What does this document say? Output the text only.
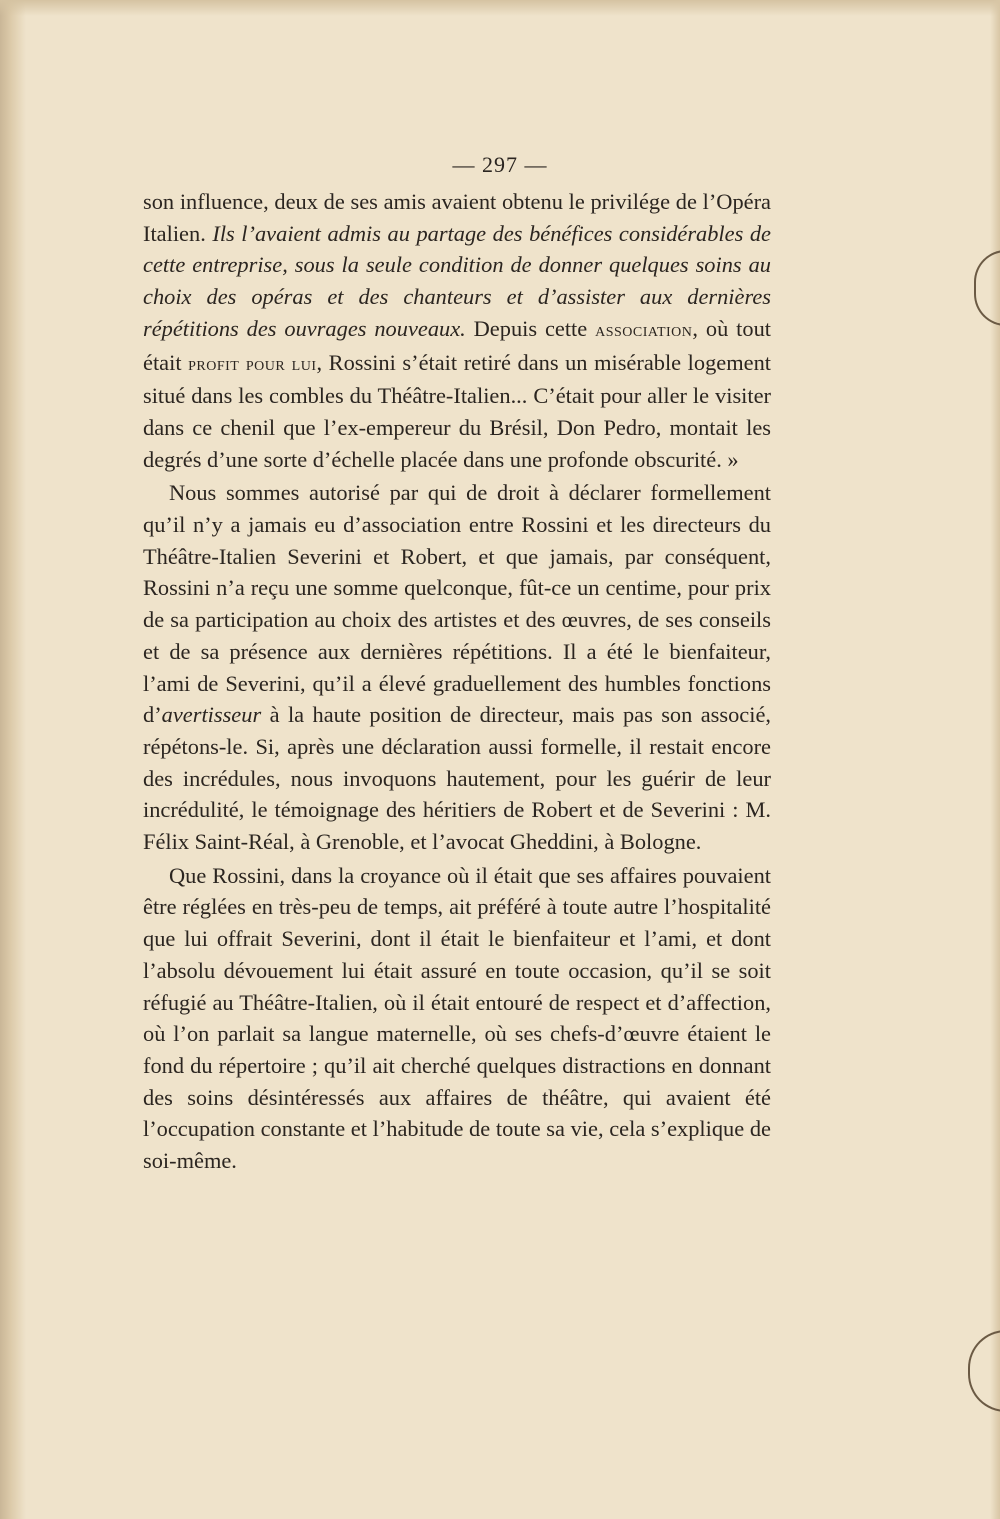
— 297 —

son influence, deux de ses amis avaient obtenu le privilége de l’Opéra Italien. Ils l’avaient admis au partage des bénéfices considérables de cette entreprise, sous la seule condition de donner quelques soins au choix des opéras et des chanteurs et d’assister aux dernières répétitions des ouvrages nouveaux. Depuis cette association, où tout était profit pour lui, Rossini s’était retiré dans un misérable logement situé dans les combles du Théâtre-Italien... C’était pour aller le visiter dans ce chenil que l’ex-empereur du Brésil, Don Pedro, montait les degrés d’une sorte d’échelle placée dans une profonde obscurité. »

Nous sommes autorisé par qui de droit à déclarer formellement qu’il n’y a jamais eu d’association entre Rossini et les directeurs du Théâtre-Italien Severini et Robert, et que jamais, par conséquent, Rossini n’a reçu une somme quelconque, fût-ce un centime, pour prix de sa participation au choix des artistes et des œuvres, de ses conseils et de sa présence aux dernières répétitions. Il a été le bienfaiteur, l’ami de Severini, qu’il a élevé graduellement des humbles fonctions d’avertisseur à la haute position de directeur, mais pas son associé, répétons-le. Si, après une déclaration aussi formelle, il restait encore des incrédules, nous invoquons hautement, pour les guérir de leur incrédulité, le témoignage des héritiers de Robert et de Severini : M. Félix Saint-Réal, à Grenoble, et l’avocat Gheddini, à Bologne.

Que Rossini, dans la croyance où il était que ses affaires pouvaient être réglées en très-peu de temps, ait préféré à toute autre l’hospitalité que lui offrait Severini, dont il était le bienfaiteur et l’ami, et dont l’absolu dévouement lui était assuré en toute occasion, qu’il se soit réfugié au Théâtre-Italien, où il était entouré de respect et d’affection, où l’on parlait sa langue maternelle, où ses chefs-d’œuvre étaient le fond du répertoire ; qu’il ait cherché quelques distractions en donnant des soins désintéressés aux affaires de théâtre, qui avaient été l’occupation constante et l’habitude de toute sa vie, cela s’explique de soi-même.
